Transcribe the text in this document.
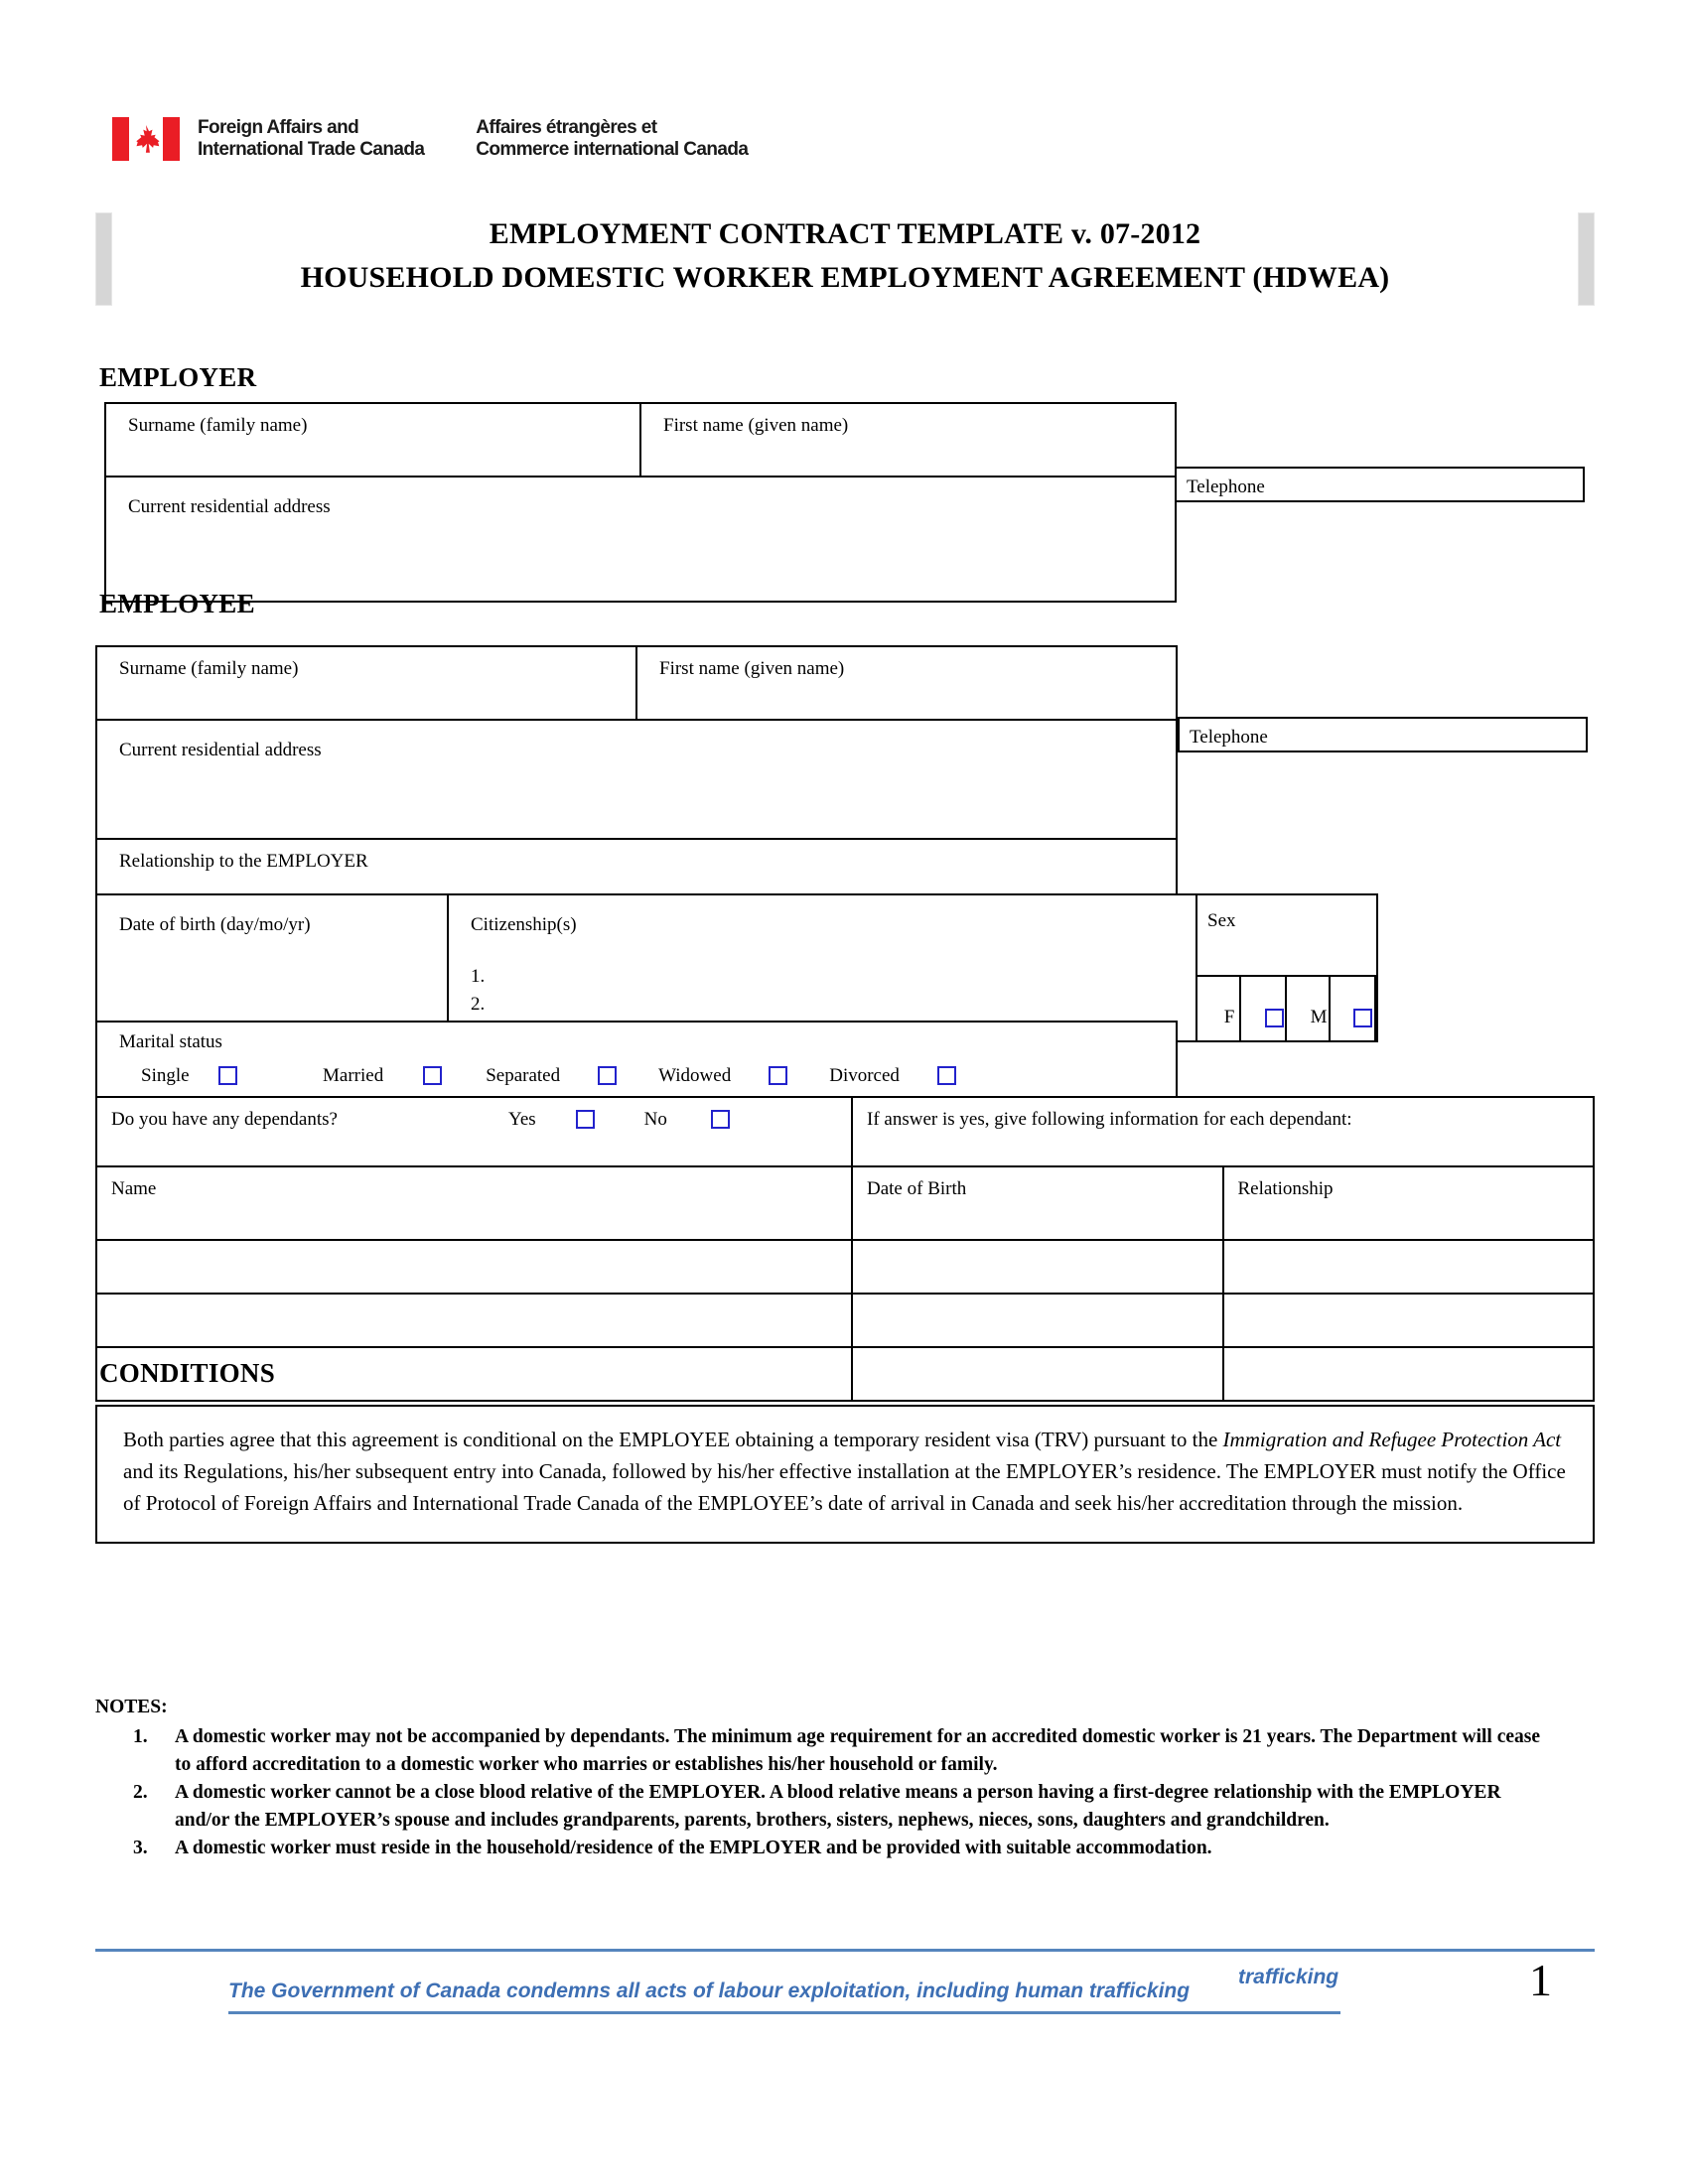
Foreign Affairs and
International Trade Canada
Affaires étrangères et
Commerce international Canada
EMPLOYMENT CONTRACT TEMPLATE v. 07-2012
HOUSEHOLD DOMESTIC WORKER EMPLOYMENT AGREEMENT (HDWEA)
EMPLOYER
Surname (family name)	First name (given name)
Current residential address
Telephone
EMPLOYEE
Surname (family name)	First name (given name)
Current residential address
Relationship to the EMPLOYER
Telephone
Date of birth (day/mo/yr)	Citizenship(s)
1.
2.

Sex
F		M	
Marital status
Single	Married	Separated	Widowed	Divorced
Do you have any dependants? Yes No	If answer is yes, give following information for each dependant:	
Name	Date of Birth	Relationship

CONDITIONS
Both parties agree that this agreement is conditional on the EMPLOYEE obtaining a temporary resident visa (TRV) pursuant to the Immigration and Refugee Protection Act and its Regulations, his/her subsequent entry into Canada, followed by his/her effective installation at the EMPLOYER’s residence. The EMPLOYER must notify the Office of Protocol of Foreign Affairs and International Trade Canada of the EMPLOYEE’s date of arrival in Canada and seek his/her accreditation through the mission.
NOTES:
1.	A domestic worker may not be accompanied by dependants. The minimum age requirement for an accredited domestic worker is 21 years. The Department will cease to afford accreditation to a domestic worker who marries or establishes his/her household or family.
2.	A domestic worker cannot be a close blood relative of the EMPLOYER. A blood relative means a person having a first-degree relationship with the EMPLOYER and/or the EMPLOYER’s spouse and includes grandparents, parents, brothers, sisters, nephews, nieces, sons, daughters and grandchildren.
3.	A domestic worker must reside in the household/residence of the EMPLOYER and be provided with suitable accommodation.
The Government of Canada condemns all acts of labour exploitation, including human trafficking
trafficking	1
